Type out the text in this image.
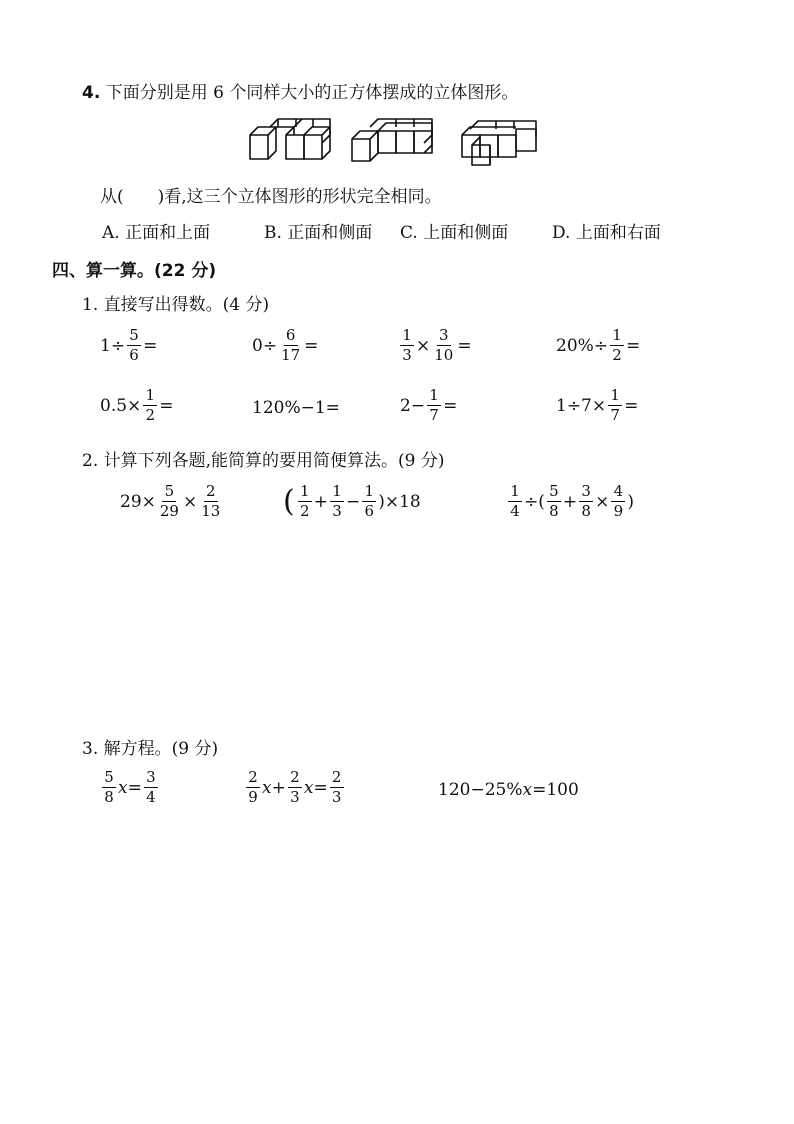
4. 下面分别是用 6 个同样大小的正方体摆成的立体图形。
从(　　)看,这三个立体图形的形状完全相同。
A. 正面和上面	B. 正面和侧面 C. 上面和侧面	D. 上面和右面
四、算一算。(22 分)
1. 直接写出得数。(4 分)
$1\div \frac{5}{6}$ =	$0\div \frac{6}{17}$ =	$\frac{1}{3} \times \frac{3}{10}$ =	$20\%\div \frac{1}{2}$ =
$0.5\times \frac{1}{2}$ =	120%−1=	$2- \frac{1}{7}$ =	$1\div 7\times \frac{1}{7}$ =
2. 计算下列各题,能简算的要用简便算法。(9 分)
$29\times \frac{5}{29} \times \frac{2}{13}$ ( $\frac{1}{2} + \frac{1}{3} - \frac{1}{6} )\times 18$	$\frac{1}{4}$ ÷( $\frac{5}{8} + \frac{3}{8} \times \frac{4}{9}$ )
3. 解方程。(9 分)
$\frac{5}{8}$ $x = \frac{3}{4}$	$\frac{2}{9}$ $x + \frac{2}{3}$ $x = \frac{2}{3}$	120−25% x =100
